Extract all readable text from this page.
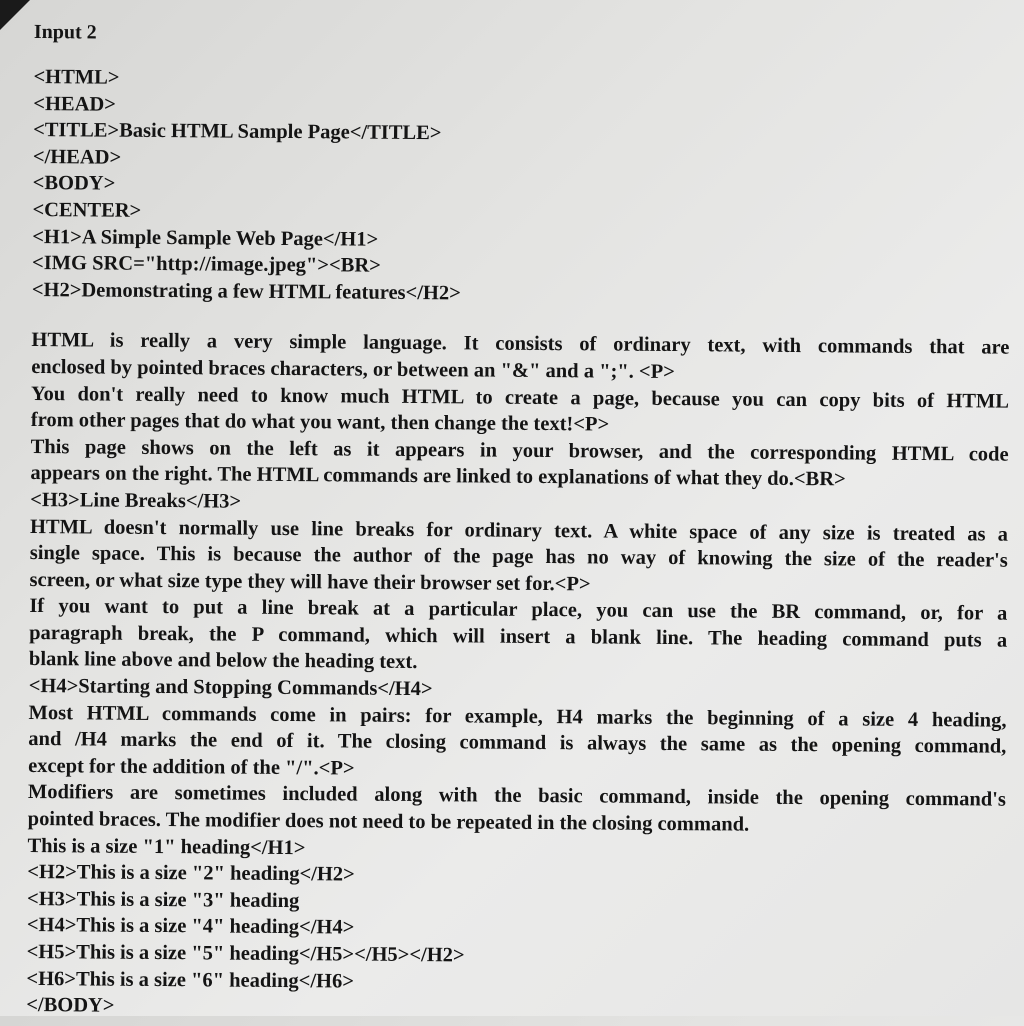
Input 2
<HTML>
<HEAD>
<TITLE>Basic HTML Sample Page</TITLE>
</HEAD>
<BODY>
<CENTER>
<H1>A Simple Sample Web Page</H1>
<IMG SRC="http://image.jpeg"><BR>
<H2>Demonstrating a few HTML features</H2>
HTML is really a very simple language. It consists of ordinary text, with commands that are
enclosed by pointed braces characters, or between an "&" and a ";". <P>
You don't really need to know much HTML to create a page, because you can copy bits of HTML
from other pages that do what you want, then change the text!<P>
This page shows on the left as it appears in your browser, and the corresponding HTML code
appears on the right. The HTML commands are linked to explanations of what they do.<BR>
<H3>Line Breaks</H3>
HTML doesn't normally use line breaks for ordinary text. A white space of any size is treated as a
single space. This is because the author of the page has no way of knowing the size of the reader's
screen, or what size type they will have their browser set for.<P>
If you want to put a line break at a particular place, you can use the BR command, or, for a
paragraph break, the P command, which will insert a blank line. The heading command puts a
blank line above and below the heading text.
<H4>Starting and Stopping Commands</H4>
Most HTML commands come in pairs: for example, H4 marks the beginning of a size 4 heading,
and /H4 marks the end of it. The closing command is always the same as the opening command,
except for the addition of the "/".<P>
Modifiers are sometimes included along with the basic command, inside the opening command's
pointed braces. The modifier does not need to be repeated in the closing command.
This is a size "1" heading</H1>
<H2>This is a size "2" heading</H2>
<H3>This is a size "3" heading
<H4>This is a size "4" heading</H4>
<H5>This is a size "5" heading</H5></H5></H2>
<H6>This is a size "6" heading</H6>
</BODY>
